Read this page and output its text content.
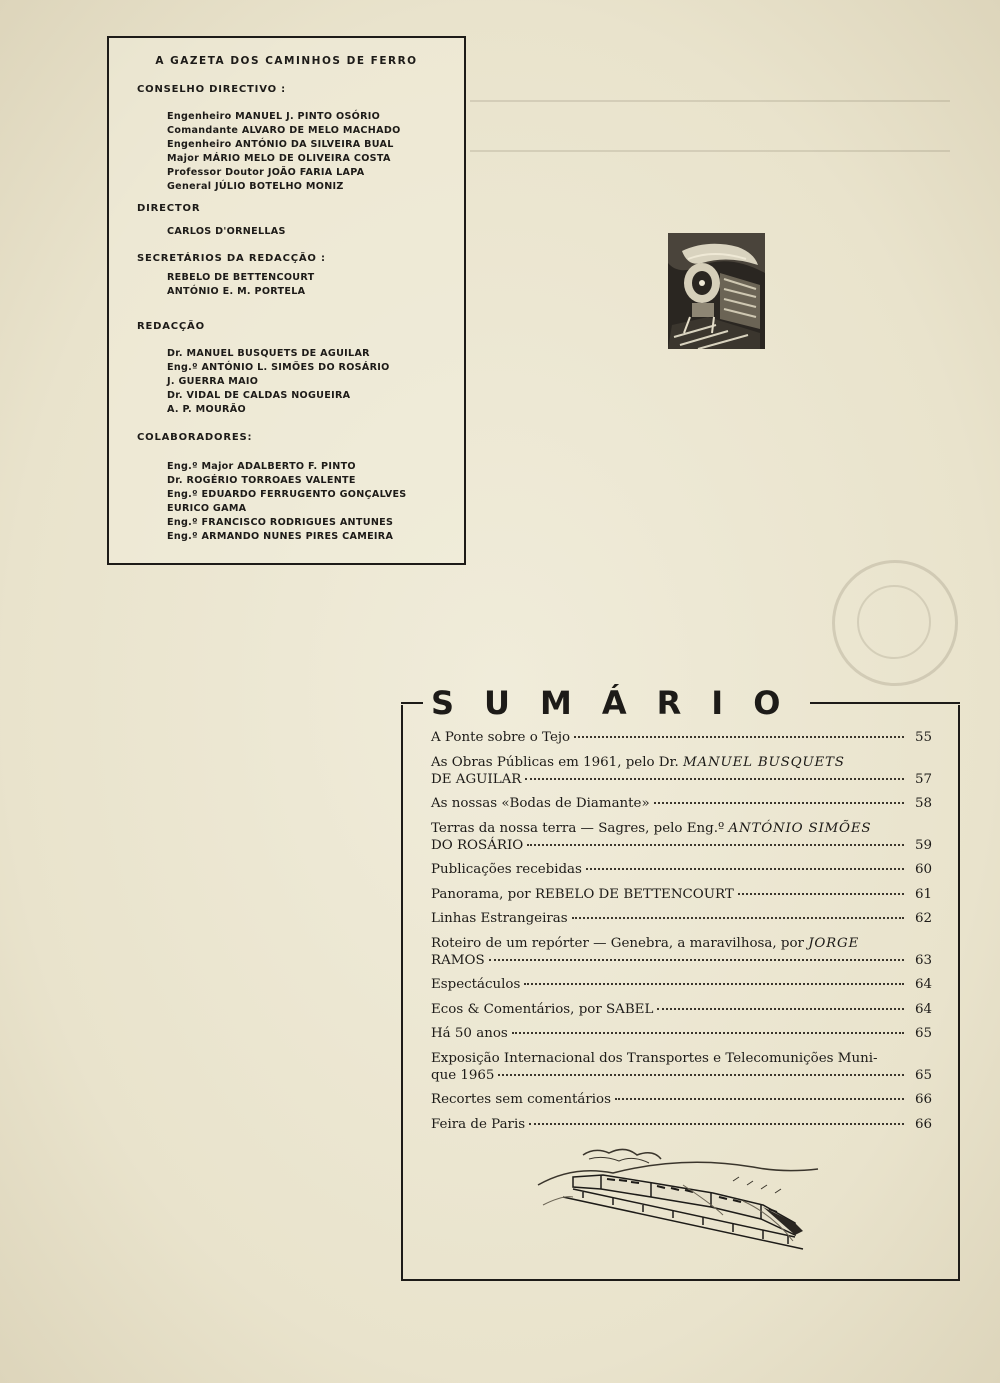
A GAZETA DOS CAMINHOS DE FERRO
CONSELHO DIRECTIVO :
Engenheiro MANUEL J. PINTO OSÓRIO
Comandante ALVARO DE MELO MACHADO
Engenheiro ANTÓNIO DA SILVEIRA BUAL
Major MÁRIO MELO DE OLIVEIRA COSTA
Professor Doutor JOÃO FARIA LAPA
General JÚLIO BOTELHO MONIZ
DIRECTOR
CARLOS D'ORNELLAS
SECRETÁRIOS DA REDACÇÃO :
REBELO DE BETTENCOURT
ANTÓNIO E. M. PORTELA
REDACÇÃO
Dr. MANUEL BUSQUETS DE AGUILAR
Eng.º ANTÓNIO L. SIMÕES DO ROSÁRIO
J. GUERRA MAIO
Dr. VIDAL DE CALDAS NOGUEIRA
A. P. MOURÃO
COLABORADORES:
Eng.º Major ADALBERTO F. PINTO
Dr. ROGÉRIO TORROAES VALENTE
Eng.º EDUARDO FERRUGENTO GONÇALVES
EURICO GAMA
Eng.º FRANCISCO RODRIGUES ANTUNES
Eng.º ARMANDO NUNES PIRES CAMEIRA
SUMÁRIO
A Ponte sobre o Tejo	55
As Obras Públicas em 1961, pelo Dr. MANUEL BUSQUETS
DE AGUILAR	57
As nossas «Bodas de Diamante»	58
Terras da nossa terra — Sagres, pelo Eng.º ANTÓNIO SIMÕES
DO ROSÁRIO	59
Publicações recebidas	60
Panorama, por REBELO DE BETTENCOURT	61
Linhas Estrangeiras	62
Roteiro de um repórter — Genebra, a maravilhosa, por JORGE
RAMOS	63
Espectáculos	64
Ecos & Comentários, por SABEL	64
Há 50 anos	65
Exposição Internacional dos Transportes e Telecomunições Muni-
que 1965	65
Recortes sem comentários	66
Feira de Paris	66
